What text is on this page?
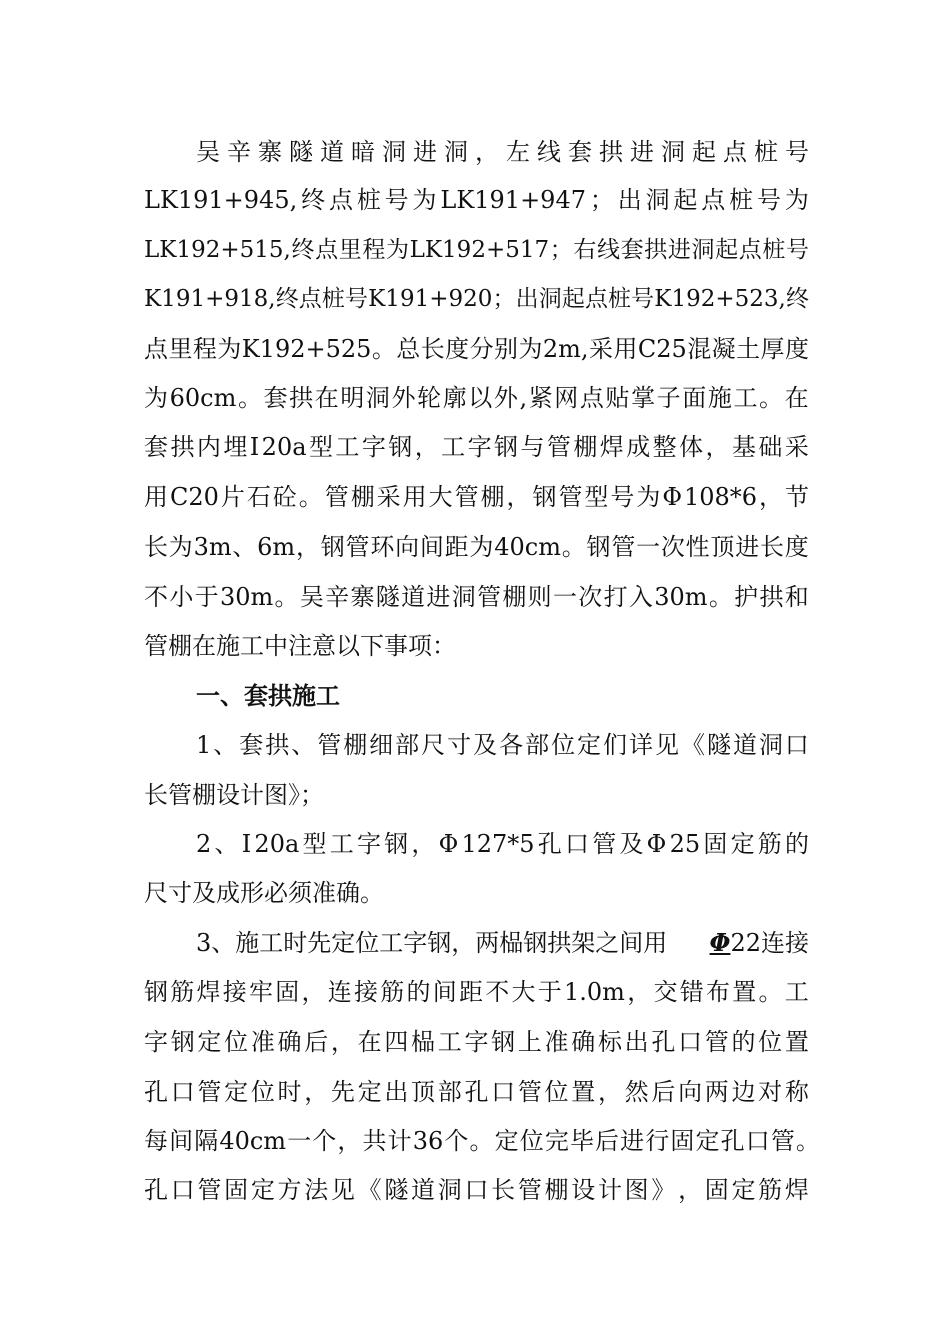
吴 辛 寨 隧 道 暗 洞 进 洞 ， 左 线 套 拱 进 洞 起 点 桩 号
LK191+945, 终 点 桩 号 为 LK191+947 ； 出 洞 起 点 桩 号 为
LK192+515, 终 点 里 程 为 LK192+517 ； 右 线 套 拱 进 洞 起 点 桩 号
K191+918, 终 点 桩 号 K191+920 ； 出 洞 起 点 桩 号 K192+523, 终
点 里 程 为 K192+525 。 总 长 度 分 别 为 2m, 采 用 C25 混 凝 土 厚 度
为 60cm 。 套 拱 在 明 洞 外 轮 廓 以 外 , 紧 网 点 贴 掌 子 面 施 工 。 在
套 拱 内 埋 Ⅰ 20a 型 工 字 钢 ， 工 字 钢 与 管 棚 焊 成 整 体 ， 基 础 采
用 C20 片 石 砼 。 管 棚 采 用 大 管 棚 ， 钢 管 型 号 为 Φ 108*6 ， 节
长 为 3m 、 6m ， 钢 管 环 向 间 距 为 40cm 。 钢 管 一 次 性 顶 进 长 度
不 小 于 30m 。 吴 辛 寨 隧 道 进 洞 管 棚 则 一 次 打 入 30m 。 护 拱 和
管棚在施工中注意以下事项：
一、套拱施工
1 、 套 拱 、 管 棚 细 部 尺 寸 及 各 部 位 定 们 详 见 《 隧 道 洞 口
长管棚设计图》；
2 、 Ⅰ 20a 型 工 字 钢 ， Φ 127*5 孔 口 管 及 Φ 25 固 定 筋 的
尺寸及成形必须准确。
3、施工时先定位工字钢，两榀钢拱架之间用 Φ22连接
钢 筋 焊 接 牢 固 ， 连 接 筋 的 间 距 不 大 于 1.0m ， 交 错 布 置 。 工
字 钢 定 位 准 确 后 ， 在 四 榀 工 字 钢 上 准 确 标 出 孔 口 管 的 位 置
孔 口 管 定 位 时 ， 先 定 出 顶 部 孔 口 管 位 置 ， 然 后 向 两 边 对 称
每 间 隔 40cm 一 个 ， 共 计 36 个 。 定 位 完 毕 后 进 行 固 定 孔 口 管 。
孔 口 管 固 定 方 法 见 《 隧 道 洞 口 长 管 棚 设 计 图 》 ， 固 定 筋 焊
